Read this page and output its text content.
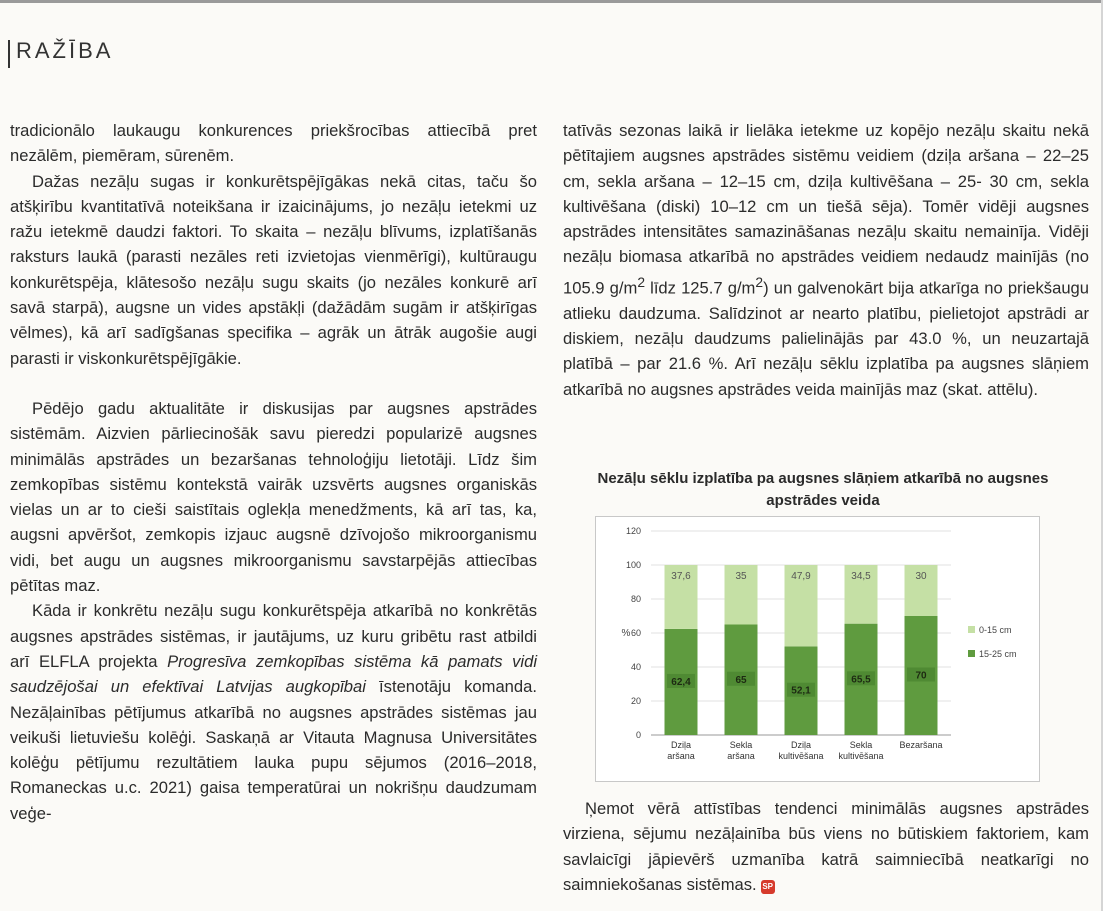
RAŽĪBA

tradicionālo laukaugu konkurences priekšrocības attiecībā pret nezālēm, piemēram, sūrenēm.

Dažas nezāļu sugas ir konkurētspējīgākas nekā citas, taču šo atšķirību kvantitatīvā noteikšana ir izaicinājums, jo nezāļu ietekmi uz ražu ietekmē daudzi faktori. To skaita – nezāļu blīvums, izplatīšanās raksturs laukā (parasti nezāles reti izvietojas vienmērīgi), kultūraugu konkurētspēja, klātesošo nezāļu sugu skaits (jo nezāles konkurē arī savā starpā), augsne un vides apstākļi (dažādām sugām ir atšķirīgas vēlmes), kā arī sadīgšanas specifika – agrāk un ātrāk augošie augi parasti ir viskonkurētspējīgākie.

Pēdējo gadu aktualitāte ir diskusijas par augsnes apstrādes sistēmām. Aizvien pārliecinošāk savu pieredzi popularizē augsnes minimālās apstrādes un bezaršanas tehnoloģiju lietotāji. Līdz šim zemkopības sistēmu kontekstā vairāk uzsvērts augsnes organiskās vielas un ar to cieši saistītais oglekļa menedžments, kā arī tas, ka, augsni apvēršot, zemkopis izjauc augsnē dzīvojošo mikroorganismu vidi, bet augu un augsnes mikroorganismu savstarpējās attiecības pētītas maz.

Kāda ir konkrētu nezāļu sugu konkurētspēja atkarībā no konkrētās augsnes apstrādes sistēmas, ir jautājums, uz kuru gribētu rast atbildi arī ELFLA projekta Progresīva zemkopības sistēma kā pamats vidi saudzējošai un efektīvai Latvijas augkopībai īstenotāju komanda. Nezāļainības pētījumus atkarībā no augsnes apstrādes sistēmas jau veikuši lietuviešu kolēģi. Saskaņā ar Vitauta Magnusa Universitātes kolēģu pētījumu rezultātiem lauka pupu sējumos (2016–2018, Romaneckas u.c. 2021) gaisa temperatūrai un nokrišņu daudzumam veģe-

tatīvās sezonas laikā ir lielāka ietekme uz kopējo nezāļu skaitu nekā pētītajiem augsnes apstrādes sistēmu veidiem (dziļa aršana – 22–25 cm, sekla aršana – 12–15 cm, dziļa kultivēšana – 25- 30 cm, sekla kultivēšana (diski) 10–12 cm un tiešā sēja). Tomēr vidēji augsnes apstrādes intensitātes samazināšanas nezāļu skaitu nemainīja. Vidēji nezāļu biomasa atkarībā no apstrādes veidiem nedaudz mainījās (no 105.9 $g/m^2$ līdz 125.7 $g/m^2$) un galvenokārt bija atkarīga no priekšaugu atlieku daudzuma. Salīdzinot ar nearto platību, pielietojot apstrādi ar diskiem, nezāļu daudzums palielinājās par 43.0 %, un neuzartajā platībā – par 21.6 %. Arī nezāļu sēklu izplatība pa augsnes slāņiem atkarībā no augsnes apstrādes veida mainījās maz (skat. attēlu).

Nezāļu sēklu izplatība pa augsnes slāņiem atkarībā no augsnes apstrādes veida
0
20
40
60
80
100
120
%
62,4
37,6
Dziļa
aršana
65
35
Sekla
aršana
52,1
47,9
Dziļa
kultivēšana
65,5
34,5
Sekla
kultivēšana
70
30
Bezaršana
0-15 cm
15-25 cm

Ņemot vērā attīstības tendenci minimālās augsnes apstrādes virziena, sējumu nezāļainība būs viens no būtiskiem faktoriem, kam savlaicīgi jāpievērš uzmanība katrā saimniecībā neatkarīgi no saimniekošanas sistēmas. SP
